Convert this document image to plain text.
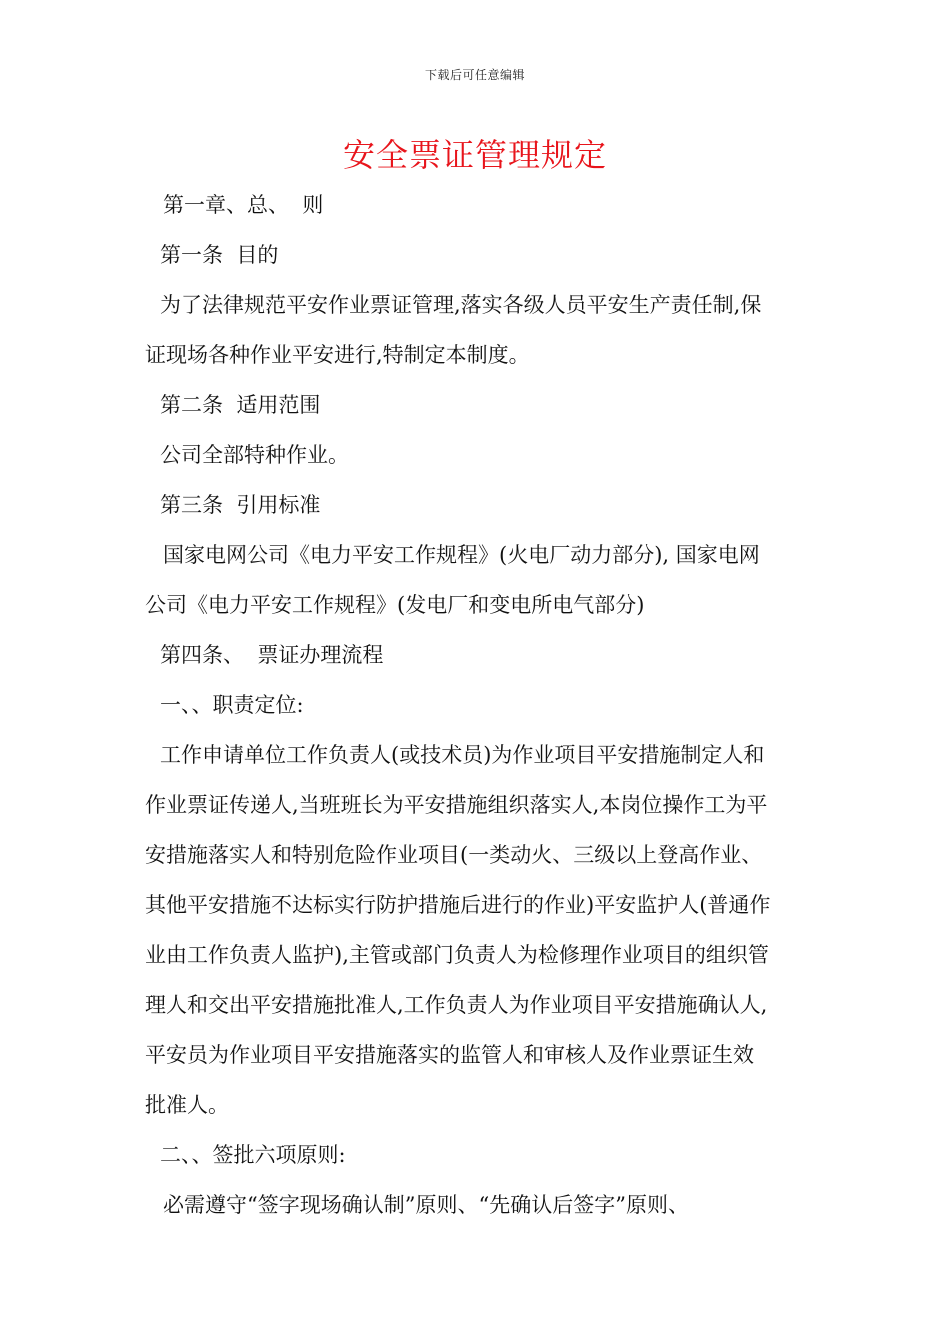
下载后可任意编辑
安全票证管理规定
第一章、总、  则
第一条  目的
为了法律规范平安作业票证管理,落实各级人员平安生产责任制,保
证现场各种作业平安进行,特制定本制度。
第二条  适用范围
公司全部特种作业。
第三条  引用标准
国家电网公司《电力平安工作规程》(火电厂动力部分), 国家电网
公司《电力平安工作规程》(发电厂和变电所电气部分)
第四条、  票证办理流程
一、、职责定位:
工作申请单位工作负责人(或技术员)为作业项目平安措施制定人和
作业票证传递人,当班班长为平安措施组织落实人,本岗位操作工为平
安措施落实人和特别危险作业项目(一类动火、三级以上登高作业、
其他平安措施不达标实行防护措施后进行的作业)平安监护人(普通作
业由工作负责人监护),主管或部门负责人为检修理作业项目的组织管
理人和交出平安措施批准人,工作负责人为作业项目平安措施确认人,
平安员为作业项目平安措施落实的监管人和审核人及作业票证生效
批准人。
二、、签批六项原则:
必需遵守“签字现场确认制”原则、“先确认后签字”原则、
